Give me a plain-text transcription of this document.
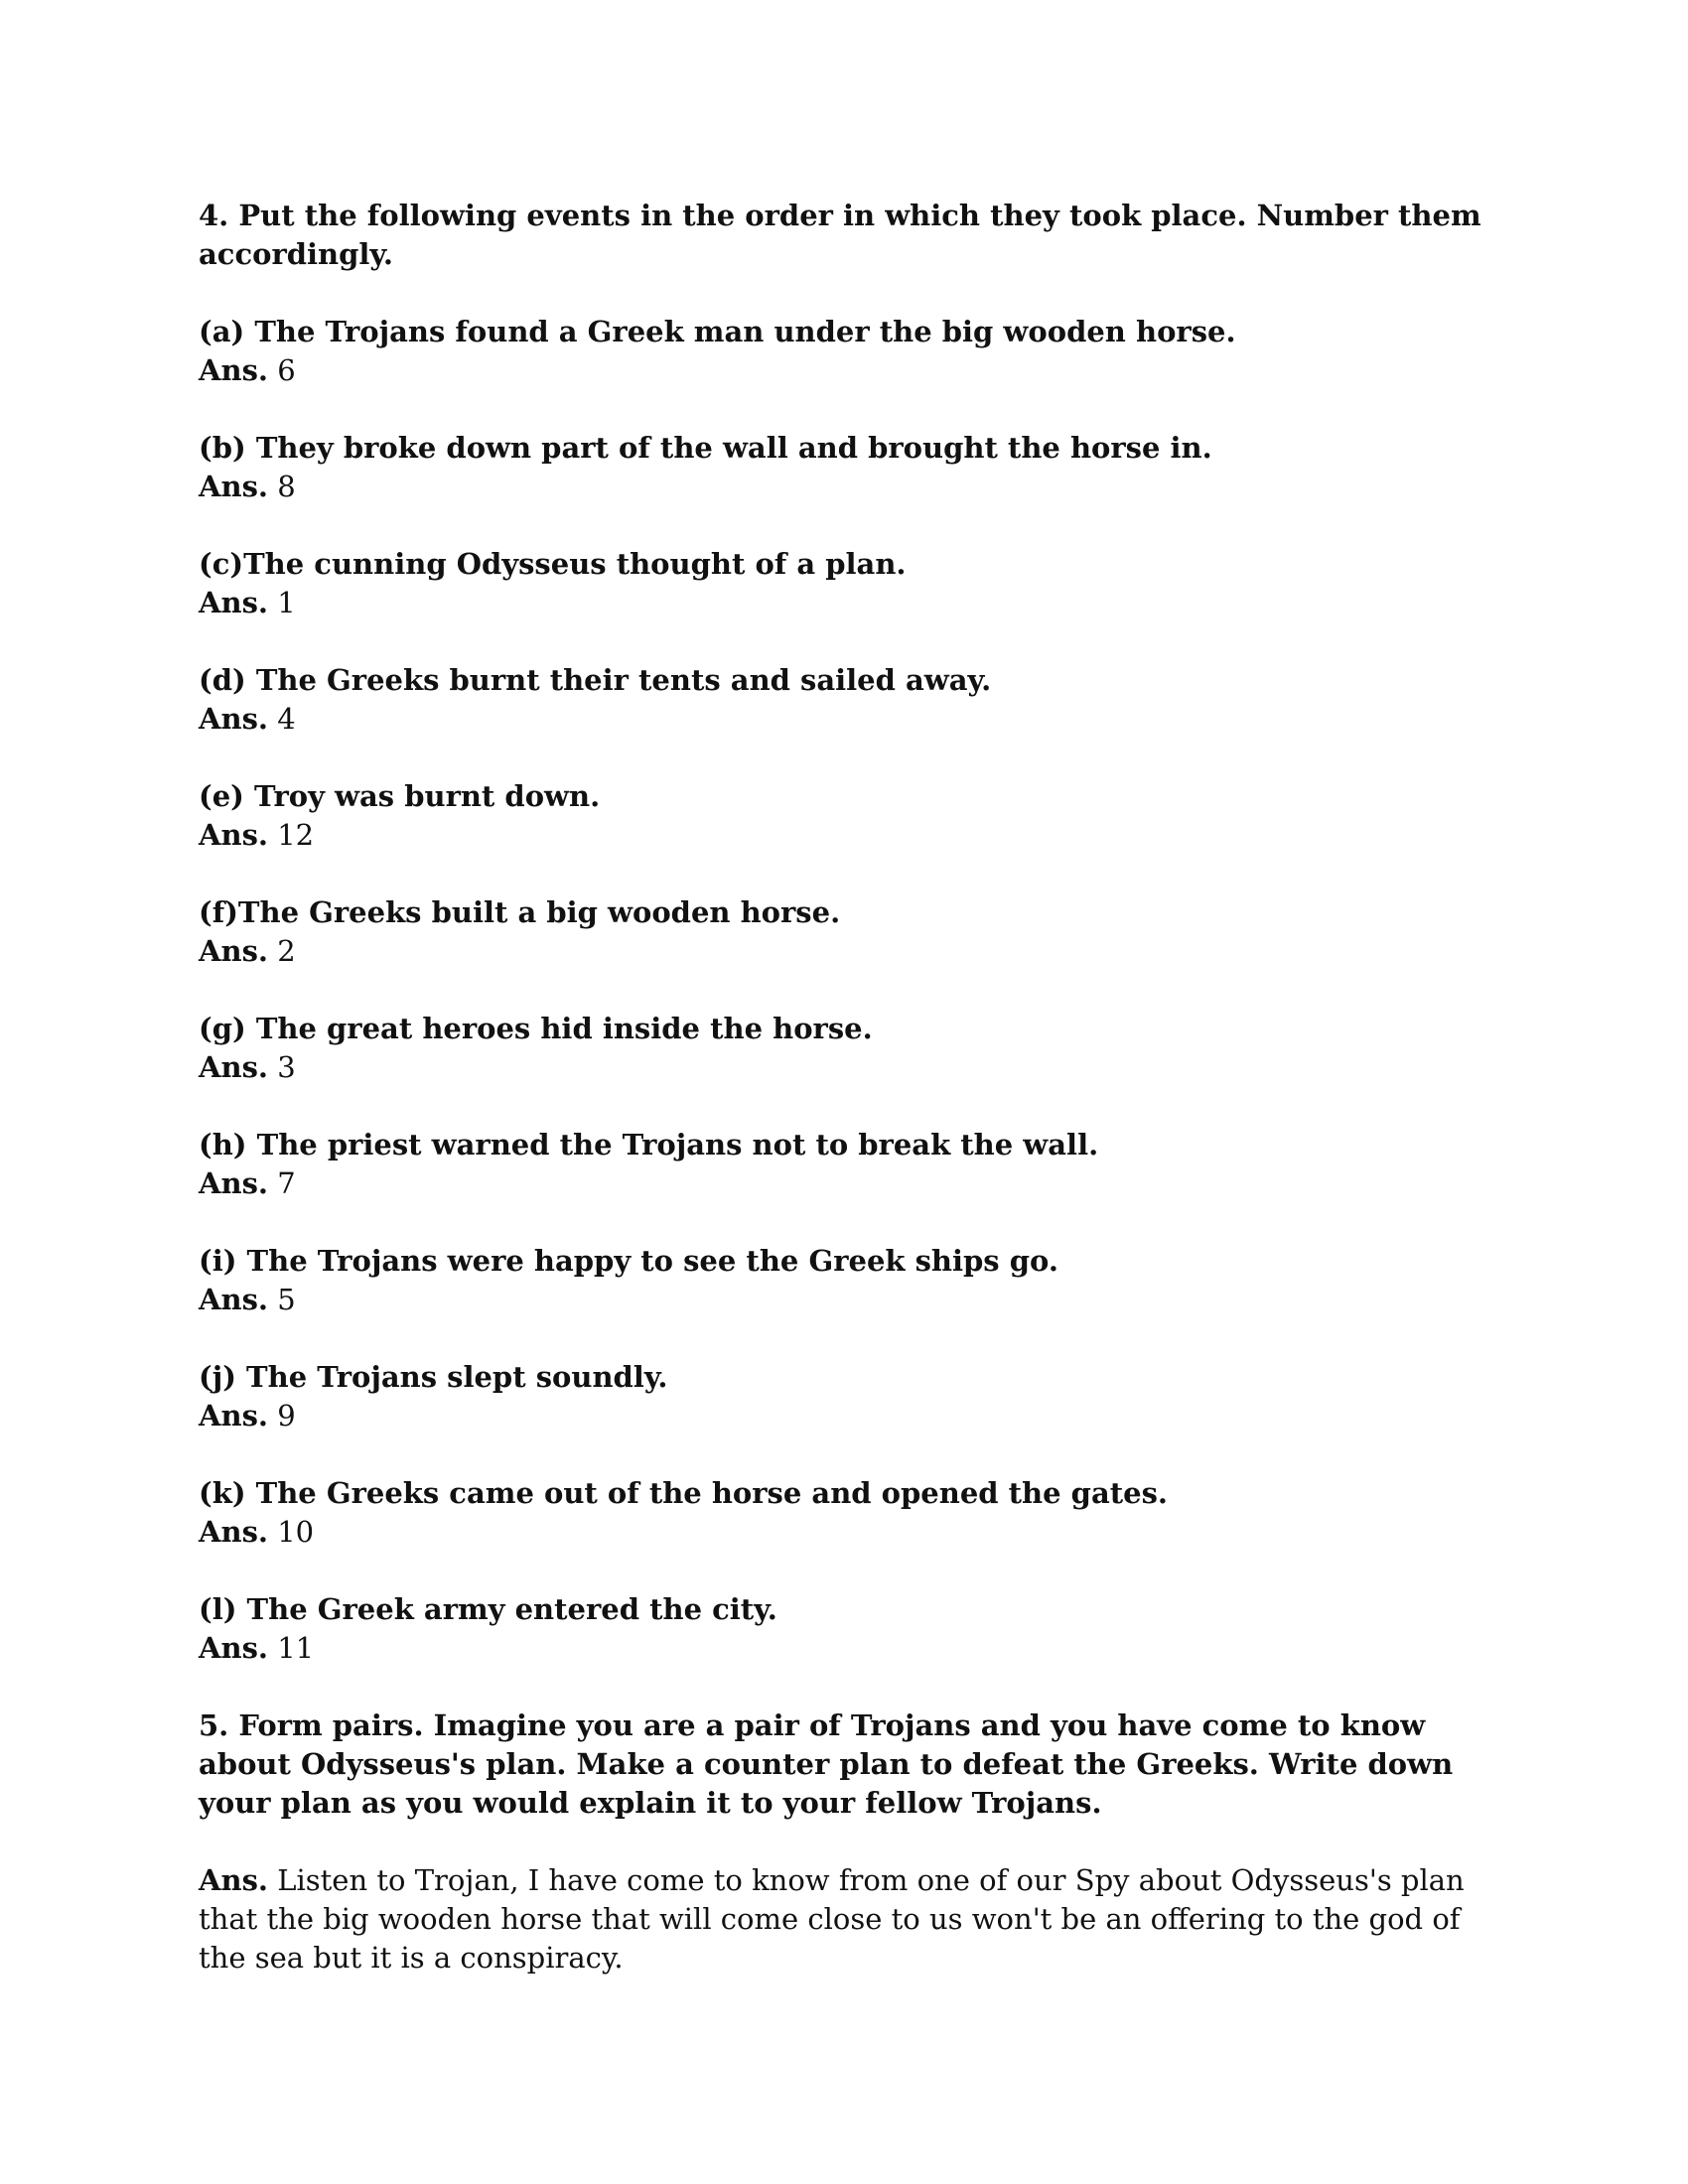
4. Put the following events in the order in which they took place. Number them accordingly.

(a) The Trojans found a Greek man under the big wooden horse.

Ans. 6

(b) They broke down part of the wall and brought the horse in.

Ans. 8

(c)The cunning Odysseus thought of a plan.

Ans. 1

(d) The Greeks burnt their tents and sailed away.

Ans. 4

(e) Troy was burnt down.

Ans. 12

(f)The Greeks built a big wooden horse.

Ans. 2

(g) The great heroes hid inside the horse.

Ans. 3

(h) The priest warned the Trojans not to break the wall.

Ans. 7

(i) The Trojans were happy to see the Greek ships go.

Ans. 5

(j) The Trojans slept soundly.

Ans. 9

(k) The Greeks came out of the horse and opened the gates.

Ans. 10

(l) The Greek army entered the city.

Ans. 11

5. Form pairs. Imagine you are a pair of Trojans and you have come to know about Odysseus's plan. Make a counter plan to defeat the Greeks. Write down your plan as you would explain it to your fellow Trojans.

Ans. Listen to Trojan, I have come to know from one of our Spy about Odysseus's plan that the big wooden horse that will come close to us won't be an offering to the god of the sea but it is a conspiracy.
